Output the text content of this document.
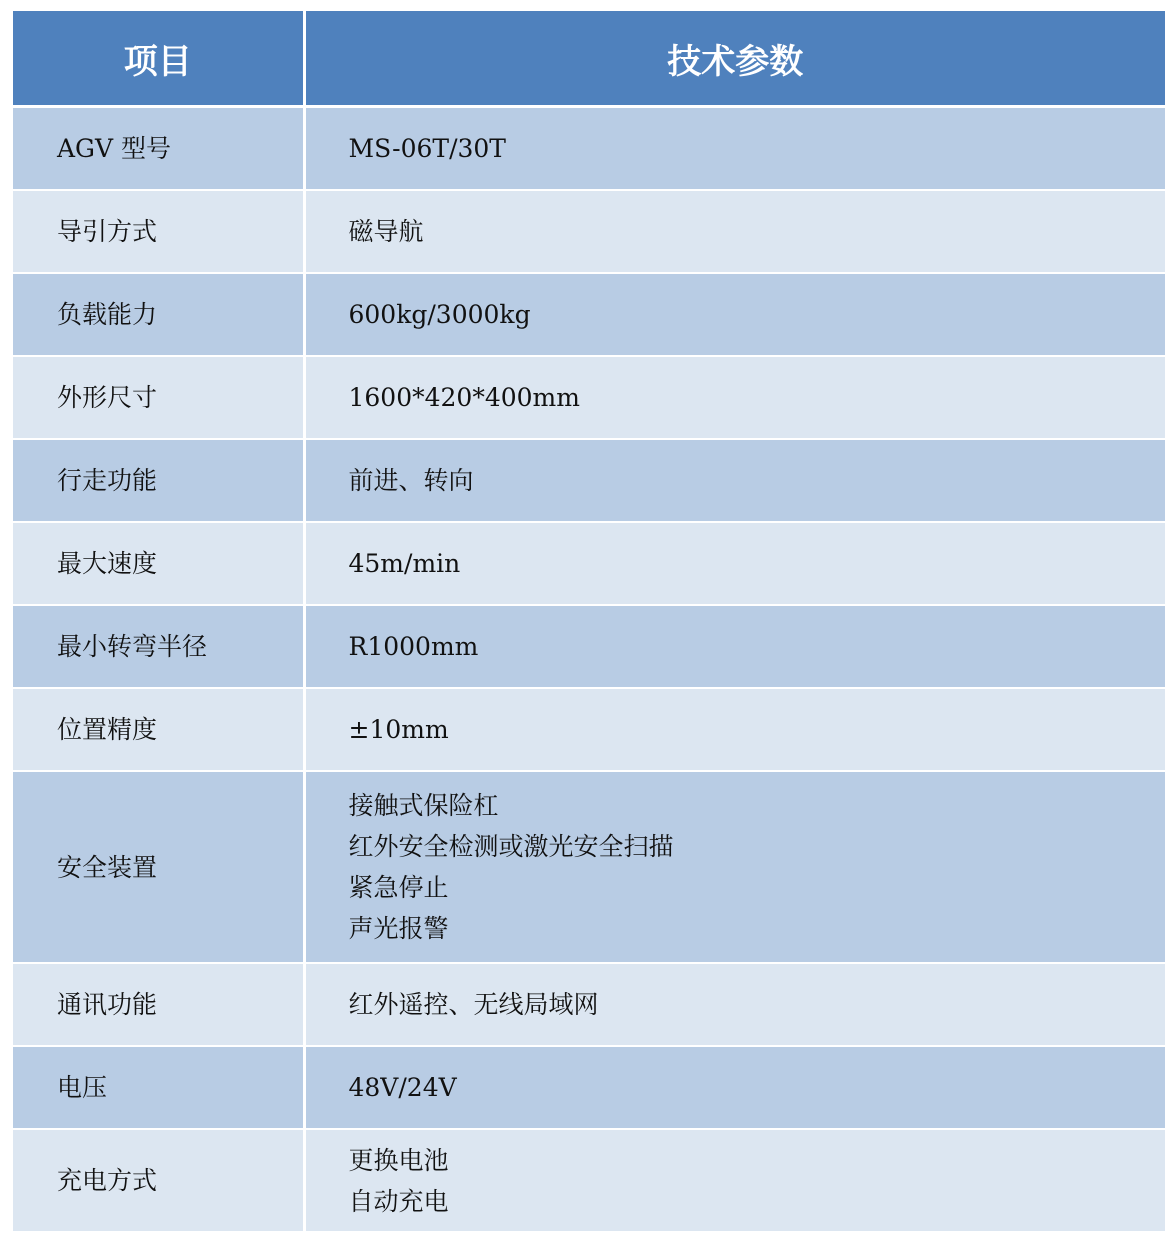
项目	技术参数
AGV 型号	MS-06T/30T

导引方式	磁导航

负载能力	600kg/3000kg

外形尺寸	1600*420*400mm

行走功能	前进、转向

最大速度	45m/min

最小转弯半径	R1000mm

位置精度	±10mm

安全装置	接触式保险杠
红外安全检测或激光安全扫描
紧急停止
声光报警

通讯功能	红外遥控、无线局域网

电压	48V/24V

充电方式	更换电池
自动充电
